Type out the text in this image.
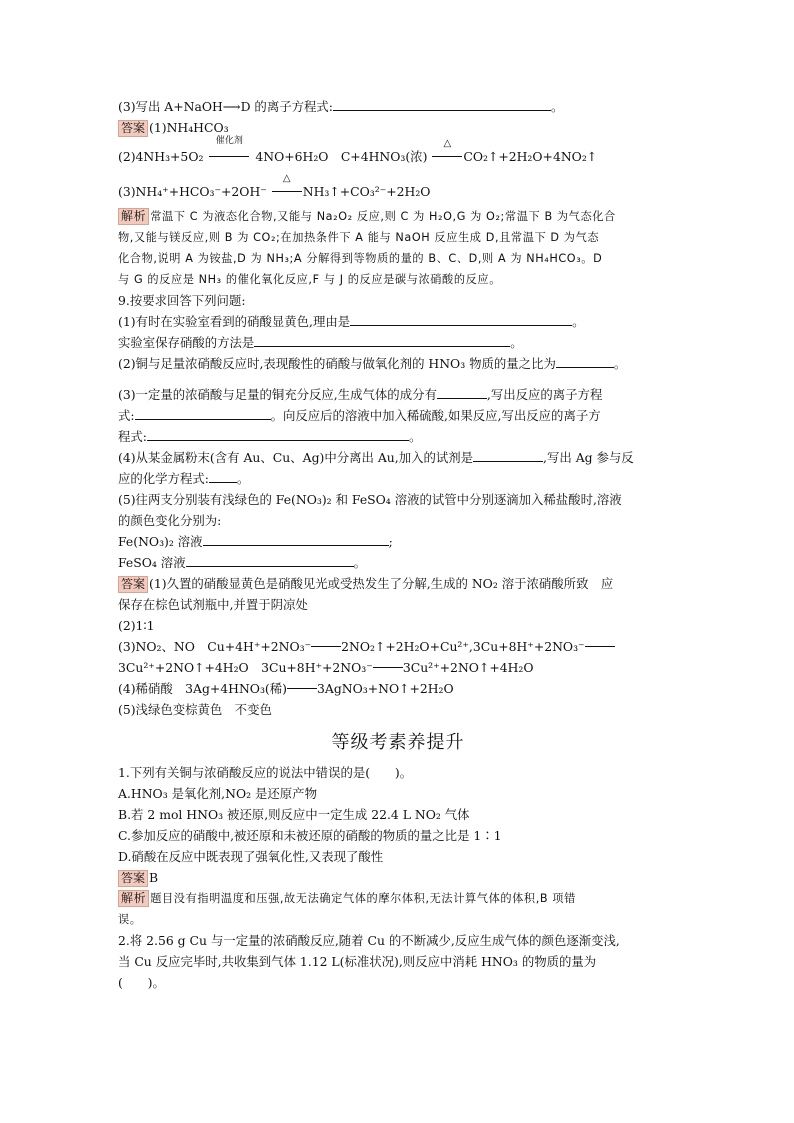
(3)写出 A+NaOH⟶D 的离子方程式:	。
答案 (1)NH₄HCO₃
(2)4NH₃+5O₂
催化剂
4NO+6H₂O　C+4HNO₃(浓)
△
CO₂↑+2H₂O+4NO₂↑
(3)NH₄⁺+HCO₃⁻+2OH⁻
△
NH₃↑+CO₃²⁻+2H₂O
解析 常温下 C 为液态化合物,又能与 Na₂O₂ 反应,则 C 为 H₂O,G 为 O₂;常温下 B 为气态化合
物,又能与镁反应,则 B 为 CO₂;在加热条件下 A 能与 NaOH 反应生成 D,且常温下 D 为气态
化合物,说明 A 为铵盐,D 为 NH₃;A 分解得到等物质的量的 B、C、D,则 A 为 NH₄HCO₃。D
与 G 的反应是 NH₃ 的催化氧化反应,F 与 J 的反应是碳与浓硝酸的反应。
9.按要求回答下列问题:
(1)有时在实验室看到的硝酸显黄色,理由是	。
实验室保存硝酸的方法是	。
(2)铜与足量浓硝酸反应时,表现酸性的硝酸与做氧化剂的 HNO₃ 物质的量之比为	。
(3)一定量的浓硝酸与足量的铜充分反应,生成气体的成分有	,写出反应的离子方程
式:	。向反应后的溶液中加入稀硫酸,如果反应,写出反应的离子方
程式:	。
(4)从某金属粉末(含有 Au、Cu、Ag)中分离出 Au,加入的试剂是	,写出 Ag 参与反
应的化学方程式: 。
(5)往两支分别装有浅绿色的 Fe(NO₃)₂ 和 FeSO₄ 溶液的试管中分别逐滴加入稀盐酸时,溶液
的颜色变化分别为:
Fe(NO₃)₂ 溶液	;
FeSO₄ 溶液	。
答案 (1)久置的硝酸显黄色是硝酸见光或受热发生了分解,生成的 NO₂ 溶于浓硝酸所致　应
保存在棕色试剂瓶中,并置于阴凉处
(2)1∶1
(3)NO₂、NO　Cu+4H⁺+2NO₃⁻ 2NO₂↑+2H₂O+Cu²⁺,3Cu+8H⁺+2NO₃⁻
3Cu²⁺+2NO↑+4H₂O　3Cu+8H⁺+2NO₃⁻ 3Cu²⁺+2NO↑+4H₂O
(4)稀硝酸　3Ag+4HNO₃(稀) 3AgNO₃+NO↑+2H₂O
(5)浅绿色变棕黄色　不变色
等级考素养提升
1.下列有关铜与浓硝酸反应的说法中错误的是(　　)。
A.HNO₃ 是氧化剂,NO₂ 是还原产物
B.若 2 mol HNO₃ 被还原,则反应中一定生成 22.4 L NO₂ 气体
C.参加反应的硝酸中,被还原和未被还原的硝酸的物质的量之比是 1∶1
D.硝酸在反应中既表现了强氧化性,又表现了酸性
答案 B
解析 题目没有指明温度和压强,故无法确定气体的摩尔体积,无法计算气体的体积,B 项错
误。
2.将 2.56 g Cu 与一定量的浓硝酸反应,随着 Cu 的不断减少,反应生成气体的颜色逐渐变浅,
当 Cu 反应完毕时,共收集到气体 1.12 L(标准状况),则反应中消耗 HNO₃ 的物质的量为
(　　)。
